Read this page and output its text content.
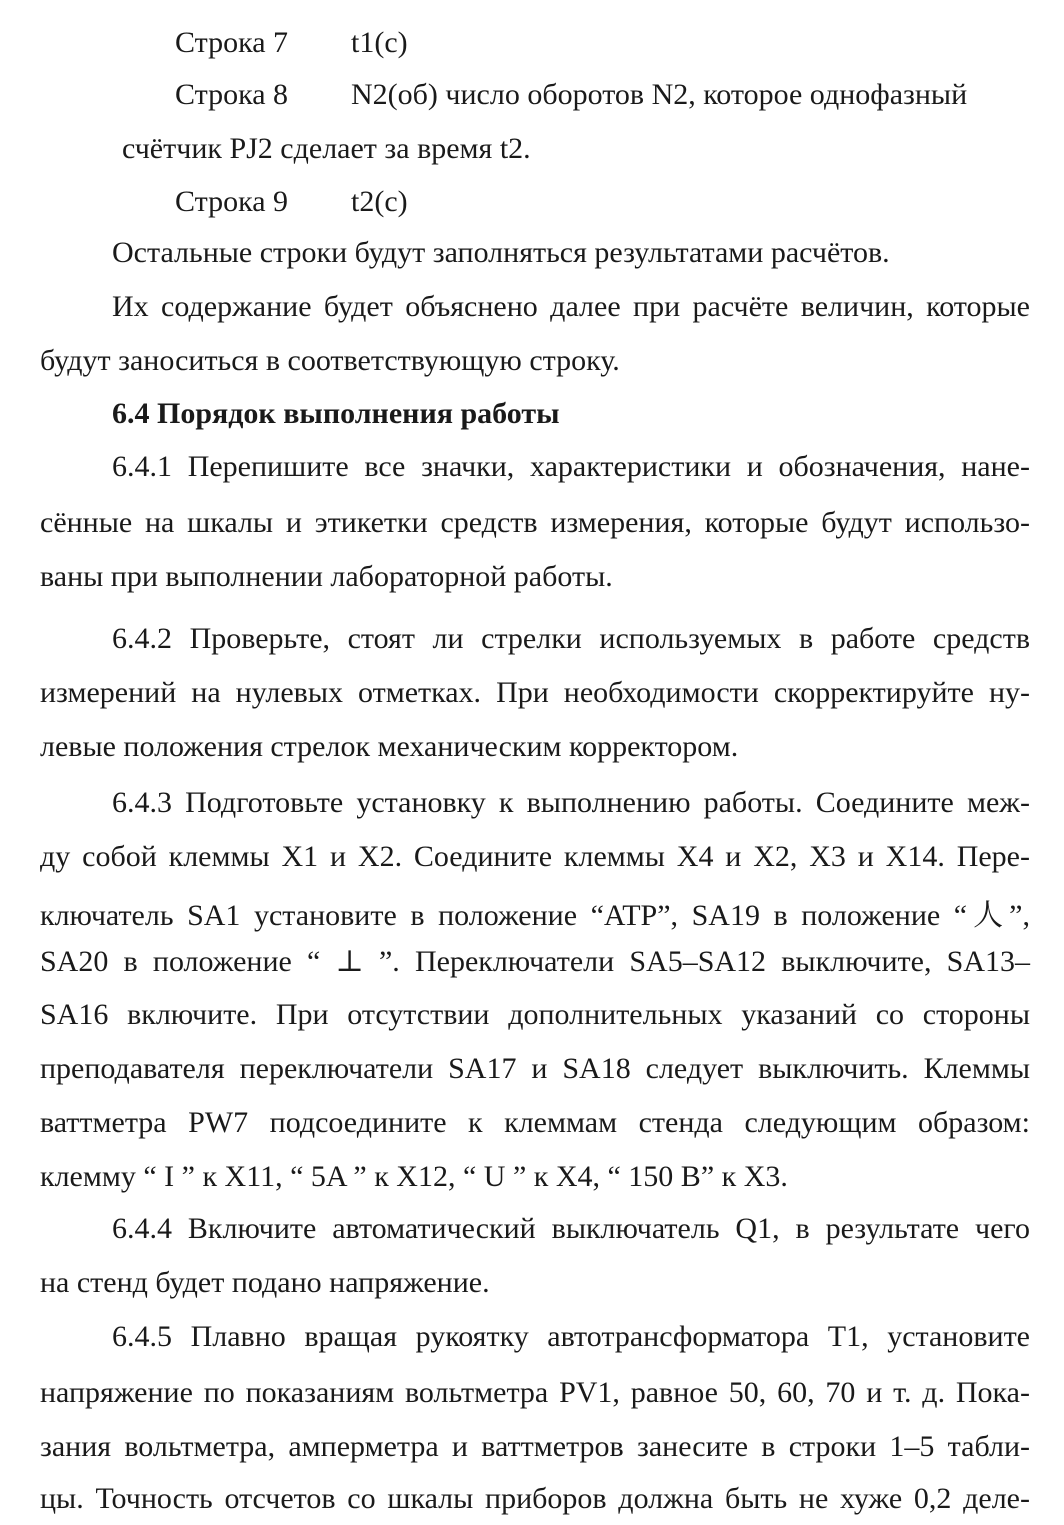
Строка 7 t1(c)
Строка 8 N2(об) число оборотов N2, которое однофазный
счётчик PJ2 сделает за время t2.
Строка 9 t2(c)
Остальные строки будут заполняться результатами расчётов.
Их содержание будет объяснено далее при расчёте величин, которые
будут заноситься в соответствующую строку.
6.4 Порядок выполнения работы
6.4.1 Перепишите все значки, характеристики и обозначения, нане-
сённые на шкалы и этикетки средств измерения, которые будут использо-
ваны при выполнении лабораторной работы.
6.4.2 Проверьте, стоят ли стрелки используемых в работе средств
измерений на нулевых отметках. При необходимости скорректируйте ну-
левые положения стрелок механическим корректором.
6.4.3 Подготовьте установку к выполнению работы. Соедините меж-
ду собой клеммы X1 и X2. Соедините клеммы X4 и X2, X3 и X14. Пере-
ключатель SA1 установите в положение “ATP”, SA19 в положение “人”,
SA20 в положение “ ⊥ ”. Переключатели SA5–SA12 выключите, SA13–
SA16 включите. При отсутствии дополнительных указаний со стороны
преподавателя переключатели SA17 и SA18 следует выключить. Клеммы
ваттметра PW7 подсоедините к клеммам стенда следующим образом:
клемму “ I ” к X11, “ 5A ” к X12, “ U ” к X4, “ 150 B” к X3.
6.4.4 Включите автоматический выключатель Q1, в результате чего
на стенд будет подано напряжение.
6.4.5 Плавно вращая рукоятку автотрансформатора T1, установите
напряжение по показаниям вольтметра PV1, равное 50, 60, 70 и т. д. Пока-
зания вольтметра, амперметра и ваттметров занесите в строки 1–5 табли-
цы. Точность отсчетов со шкалы приборов должна быть не хуже 0,2 деле-
